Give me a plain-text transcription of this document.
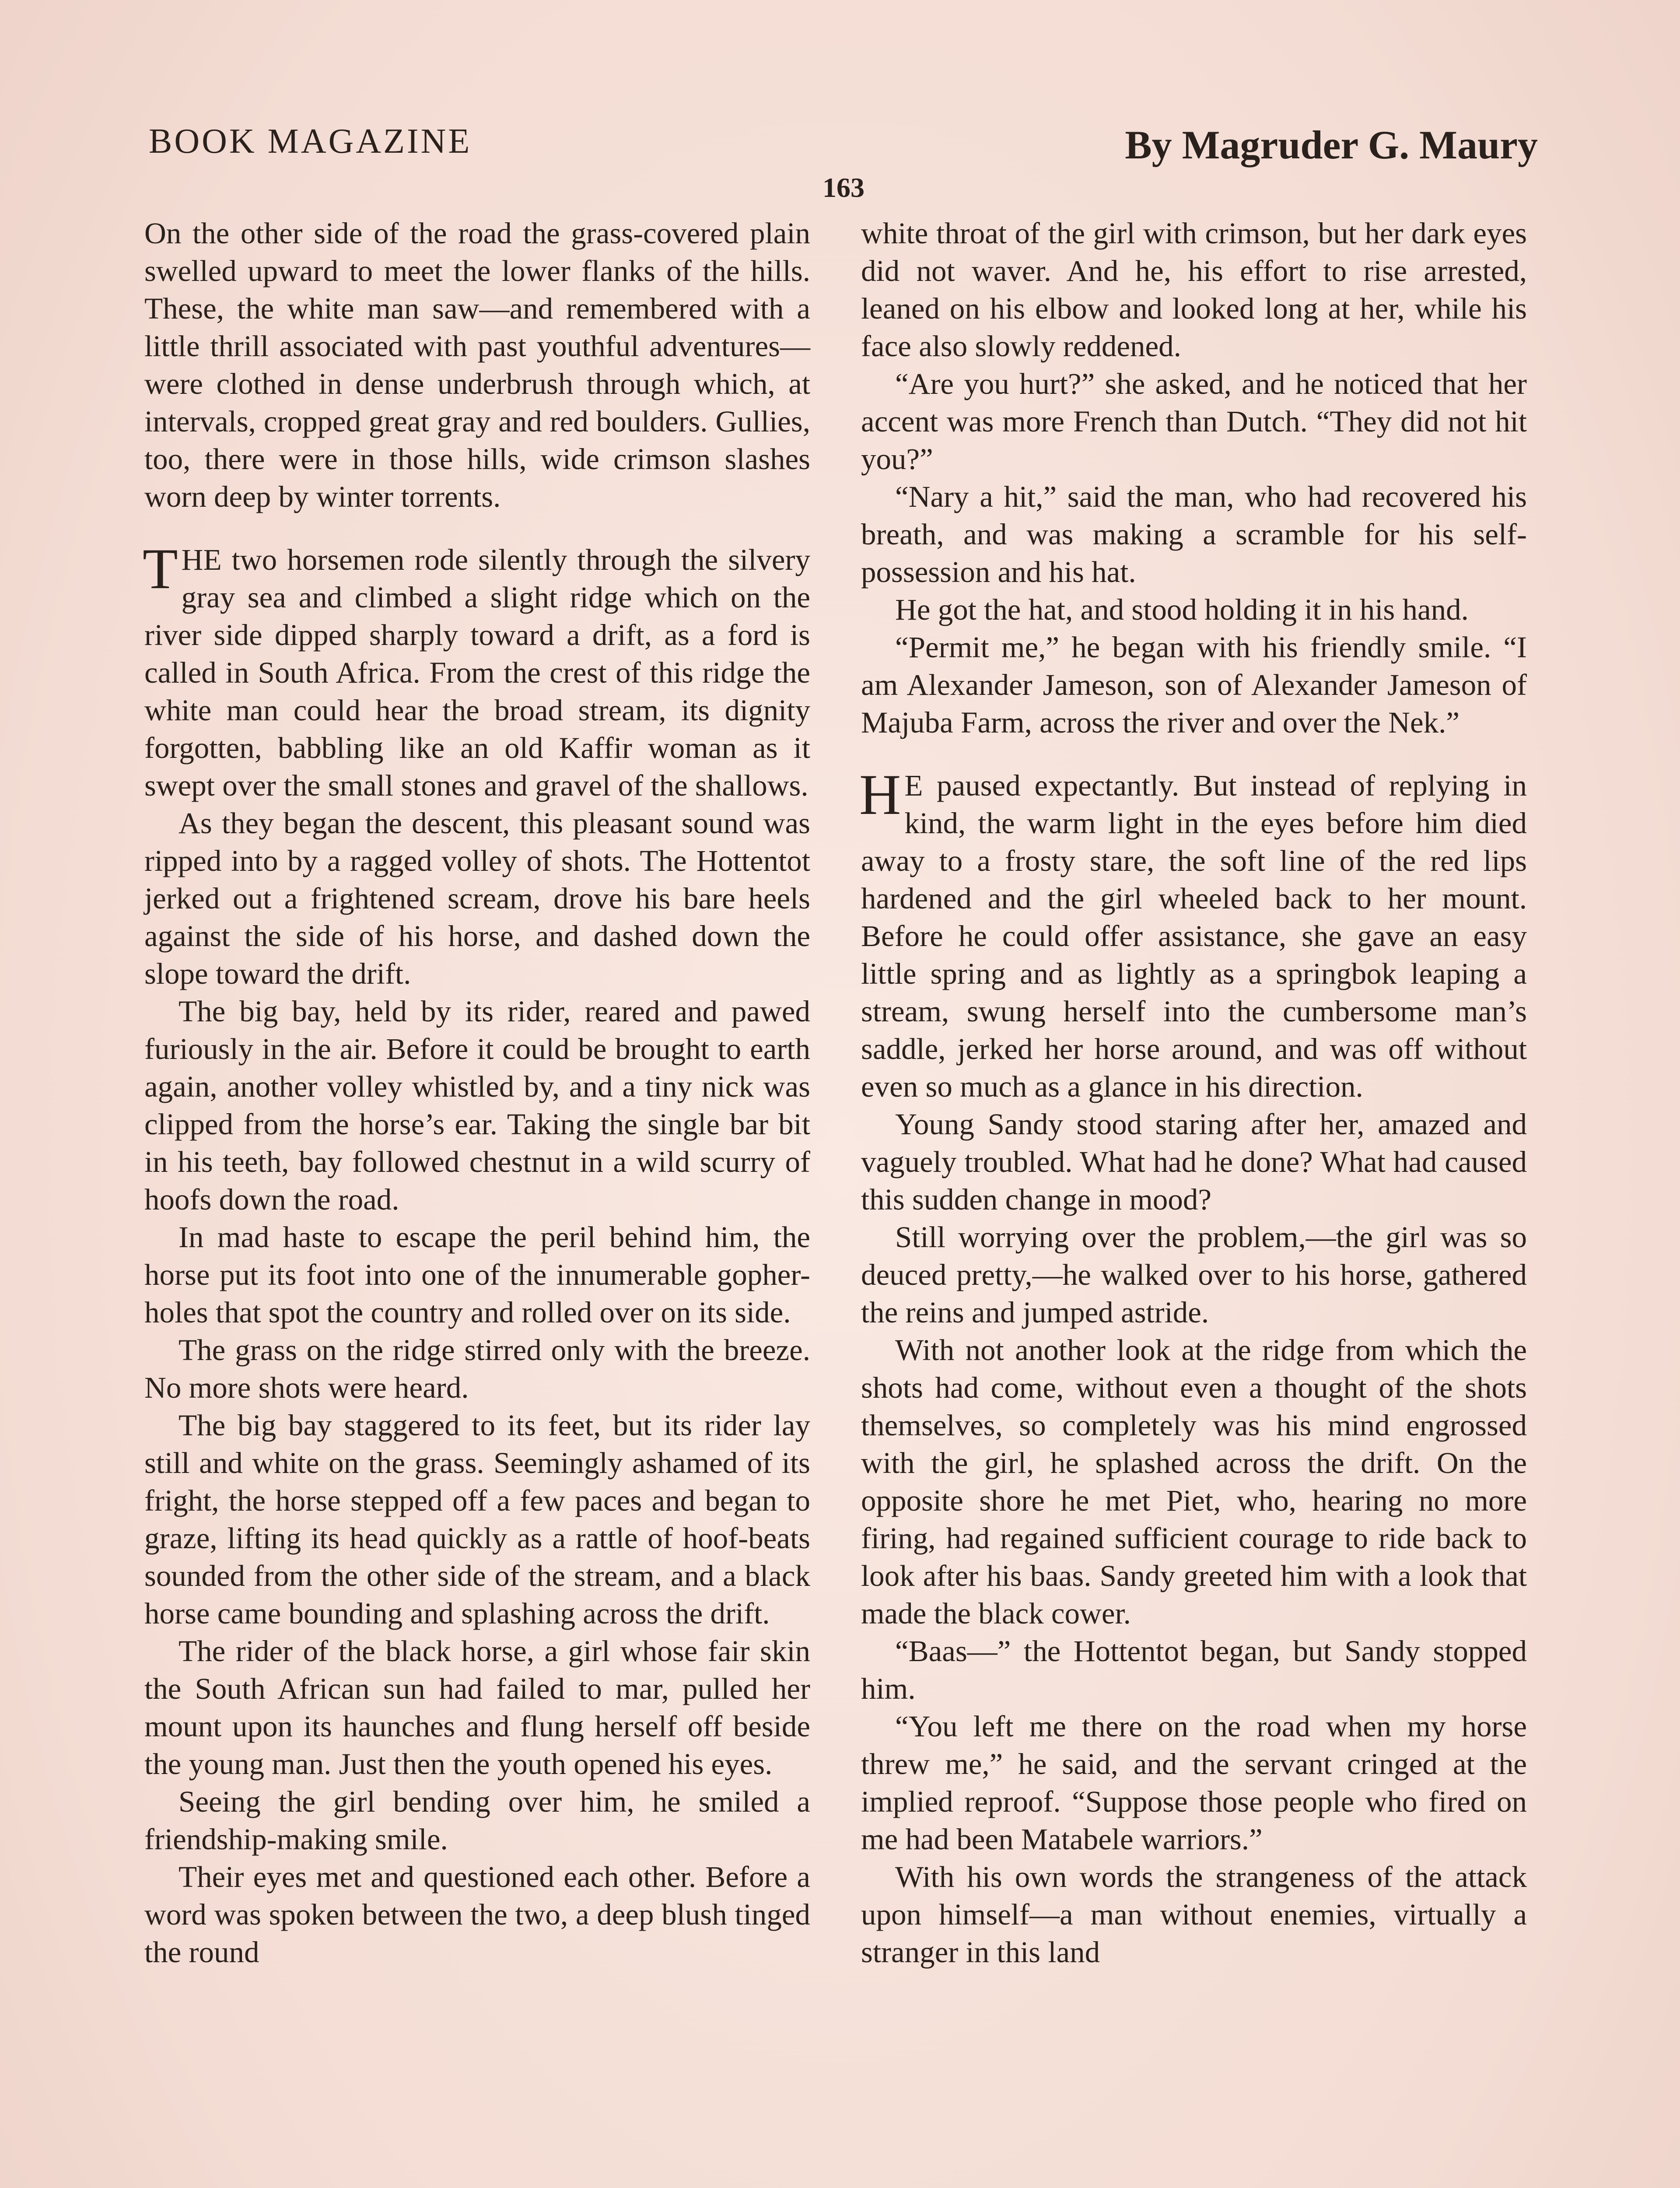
BOOK MAGAZINE	By Magruder G. Maury
163

On the other side of the road the grass-covered plain swelled upward to meet the lower flanks of the hills. These, the white man saw—and remembered with a little thrill associated with past youthful adventures—were clothed in dense underbrush through which, at intervals, cropped great gray and red boulders. Gullies, too, there were in those hills, wide crimson slashes worn deep by winter torrents.

THE two horsemen rode silently through the silvery gray sea and climbed a slight ridge which on the river side dipped sharply toward a drift, as a ford is called in South Africa. From the crest of this ridge the white man could hear the broad stream, its dignity forgotten, babbling like an old Kaffir woman as it swept over the small stones and gravel of the shallows.

As they began the descent, this pleasant sound was ripped into by a ragged volley of shots. The Hottentot jerked out a frightened scream, drove his bare heels against the side of his horse, and dashed down the slope toward the drift.

The big bay, held by its rider, reared and pawed furiously in the air. Before it could be brought to earth again, another volley whistled by, and a tiny nick was clipped from the horse’s ear. Taking the single bar bit in his teeth, bay followed chestnut in a wild scurry of hoofs down the road.

In mad haste to escape the peril behind him, the horse put its foot into one of the innumerable gopher-holes that spot the country and rolled over on its side.

The grass on the ridge stirred only with the breeze. No more shots were heard.

The big bay staggered to its feet, but its rider lay still and white on the grass. Seemingly ashamed of its fright, the horse stepped off a few paces and began to graze, lifting its head quickly as a rattle of hoof-beats sounded from the other side of the stream, and a black horse came bounding and splashing across the drift.

The rider of the black horse, a girl whose fair skin the South African sun had failed to mar, pulled her mount upon its haunches and flung herself off beside the young man. Just then the youth opened his eyes.

Seeing the girl bending over him, he smiled a friendship-making smile.

Their eyes met and questioned each other. Before a word was spoken between the two, a deep blush tinged the round

white throat of the girl with crimson, but her dark eyes did not waver. And he, his effort to rise arrested, leaned on his elbow and looked long at her, while his face also slowly reddened.

“Are you hurt?” she asked, and he noticed that her accent was more French than Dutch. “They did not hit you?”

“Nary a hit,” said the man, who had recovered his breath, and was making a scramble for his self-possession and his hat.

He got the hat, and stood holding it in his hand.

“Permit me,” he began with his friendly smile. “I am Alexander Jameson, son of Alexander Jameson of Majuba Farm, across the river and over the Nek.”

H E paused expectantly. But instead of replying in kind, the warm light in the eyes before him died away to a frosty stare, the soft line of the red lips hardened and the girl wheeled back to her mount. Before he could offer assistance, she gave an easy little spring and as lightly as a springbok leaping a stream, swung herself into the cumbersome man’s saddle, jerked her horse around, and was off without even so much as a glance in his direction.

Young Sandy stood staring after her, amazed and vaguely troubled. What had he done? What had caused this sudden change in mood?

Still worrying over the problem,—the girl was so deuced pretty,—he walked over to his horse, gathered the reins and jumped astride.

With not another look at the ridge from which the shots had come, without even a thought of the shots themselves, so completely was his mind engrossed with the girl, he splashed across the drift. On the opposite shore he met Piet, who, hearing no more firing, had regained sufficient courage to ride back to look after his baas. Sandy greeted him with a look that made the black cower.

“Baas—” the Hottentot began, but Sandy stopped him.

“You left me there on the road when my horse threw me,” he said, and the servant cringed at the implied reproof. “Suppose those people who fired on me had been Matabele warriors.”

With his own words the strangeness of the attack upon himself—a man without enemies, virtually a stranger in this land
